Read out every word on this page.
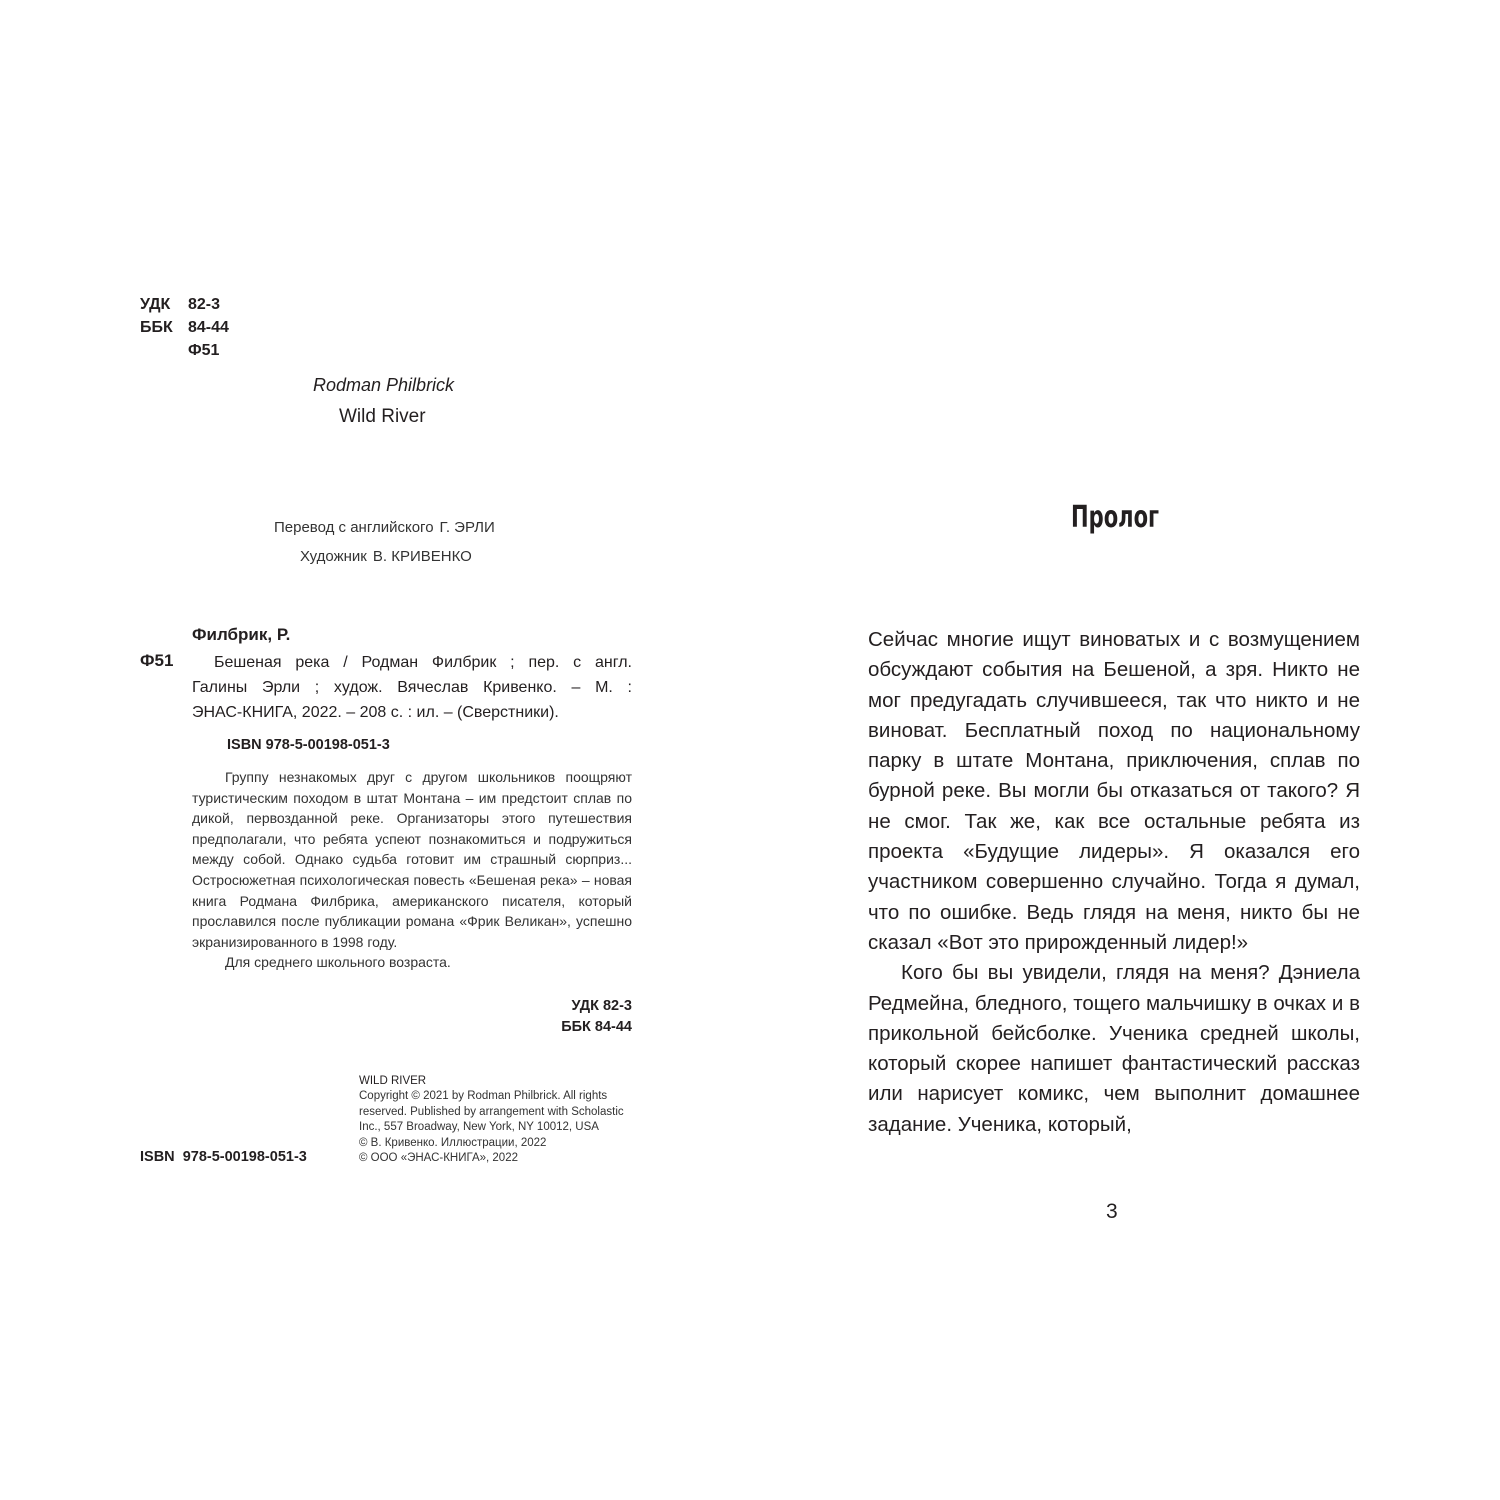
УДК 82-3
ББК 84-44
Ф51
Rodman Philbrick
Wild River
Перевод с английского Г. ЭРЛИ
Художник В. КРИВЕНКО
Филбрик, Р.
Ф51	Бешеная река / Родман Филбрик ; пер. с англ.
Галины Эрли ; худож. Вячеслав Кривенко. – М. :
ЭНАС-КНИГА, 2022. – 208 с. : ил. – (Сверстники).
ISBN 978-5-00198-051-3

Группу незнакомых друг с другом школьников поощряют туристическим походом в штат Монтана – им предстоит сплав по дикой, первозданной реке. Организаторы этого путешествия предполагали, что ребята успеют познакомиться и подружиться между собой. Однако судьба готовит им страшный сюрприз... Остросюжетная психологическая повесть «Бешеная река» – новая книга Родмана Филбрика, американского писателя, который прославился после публикации романа «Фрик Великан», успешно экранизированного в 1998 году.

Для среднего школьного возраста.

УДК 82-3
ББК 84-44
WILD RIVER
Copyright © 2021 by Rodman Philbrick. All rights
reserved. Published by arrangement with Scholastic
Inc., 557 Broadway, New York, NY 10012, USA
© В. Кривенко. Иллюстрации, 2022
© ООО «ЭНАС-КНИГА», 2022
ISBN  978-5-00198-051-3
Пролог

Сейчас многие ищут виноватых и с возмущением обсуждают события на Бешеной, а зря. Никто не мог предугадать случившееся, так что никто и не виноват. Бесплатный поход по национальному парку в штате Монтана, приключения, сплав по бурной реке. Вы могли бы отказаться от такого? Я не смог. Так же, как все остальные ребята из проекта «Будущие лидеры». Я оказался его участником совершенно случайно. Тогда я думал, что по ошибке. Ведь глядя на меня, никто бы не сказал «Вот это прирожденный лидер!»

Кого бы вы увидели, глядя на меня? Дэниела Редмейна, бледного, тощего мальчишку в очках и в прикольной бейсболке. Ученика средней школы, который скорее напишет фантастический рассказ или нарисует комикс, чем выполнит домашнее задание. Ученика, который,

3
